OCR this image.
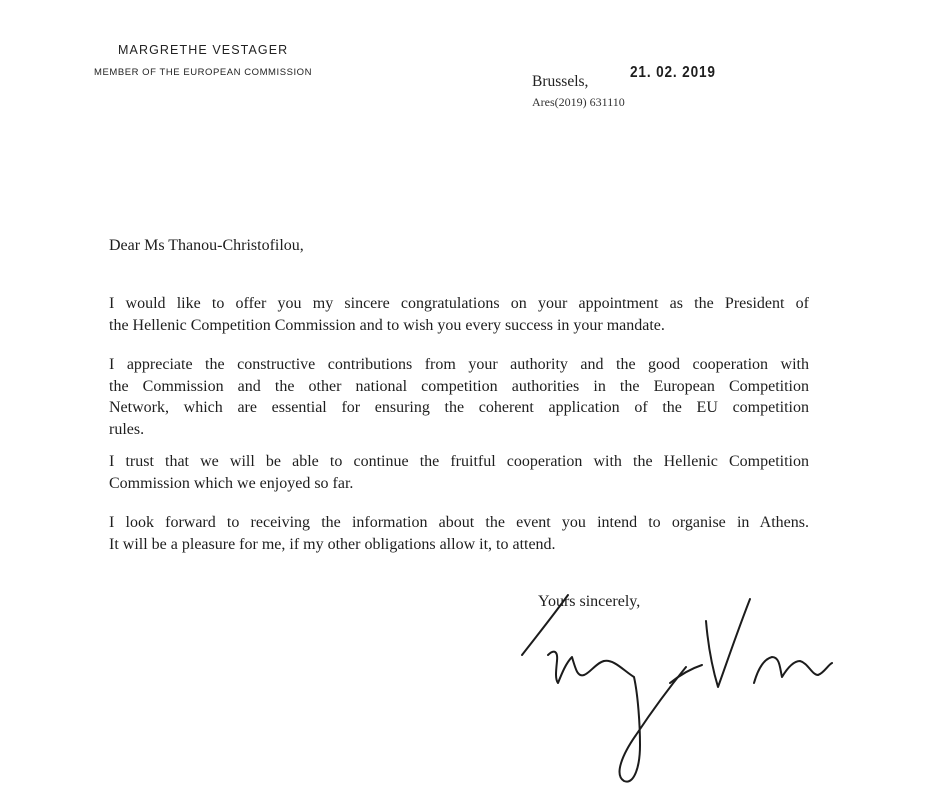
MARGRETHE VESTAGER
MEMBER OF THE EUROPEAN COMMISSION
Brussels,
21. 02. 2019
Ares(2019) 631110
Dear Ms Thanou-Christofilou,
I would like to offer you my sincere congratulations on your appointment as the President of
the Hellenic Competition Commission and to wish you every success in your mandate.
I appreciate the constructive contributions from your authority and the good cooperation with
the Commission and the other national competition authorities in the European Competition
Network, which are essential for ensuring the coherent application of the EU competition
rules.
I trust that we will be able to continue the fruitful cooperation with the Hellenic Competition
Commission which we enjoyed so far.
I look forward to receiving the information about the event you intend to organise in Athens.
It will be a pleasure for me, if my other obligations allow it, to attend.
Yours sincerely,
